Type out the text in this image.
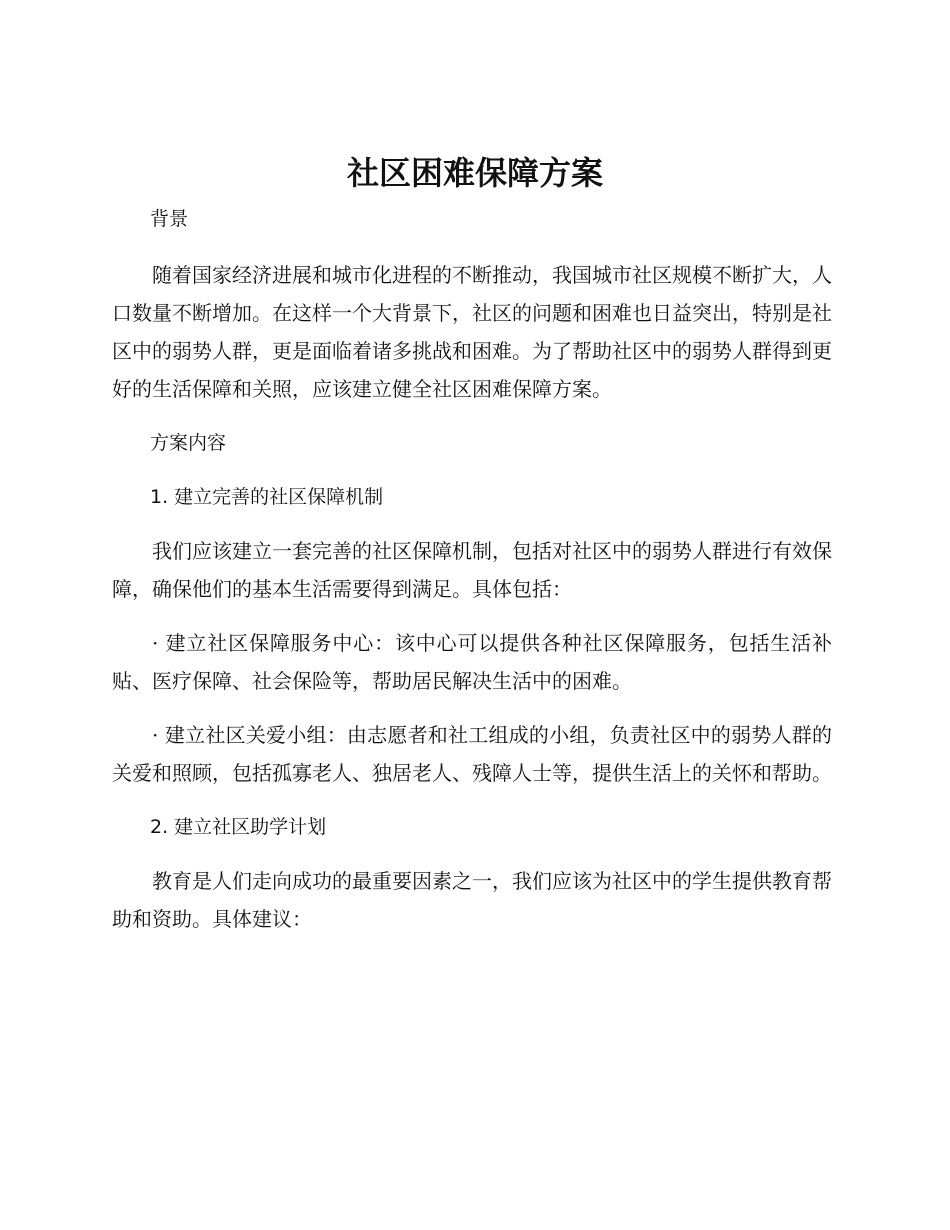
社区困难保障方案

背景

随着国家经济进展和城市化进程的不断推动，我国城市社区规模不断扩大，人口数量不断增加。在这样一个大背景下，社区的问题和困难也日益突出，特别是社区中的弱势人群，更是面临着诸多挑战和困难。为了帮助社区中的弱势人群得到更好的生活保障和关照，应该建立健全社区困难保障方案。

方案内容

1. 建立完善的社区保障机制

我们应该建立一套完善的社区保障机制，包括对社区中的弱势人群进行有效保障，确保他们的基本生活需要得到满足。具体包括：

· 建立社区保障服务中心：该中心可以提供各种社区保障服务，包括生活补贴、医疗保障、社会保险等，帮助居民解决生活中的困难。

· 建立社区关爱小组：由志愿者和社工组成的小组，负责社区中的弱势人群的关爱和照顾，包括孤寡老人、独居老人、残障人士等，提供生活上的关怀和帮助。

2. 建立社区助学计划

教育是人们走向成功的最重要因素之一，我们应该为社区中的学生提供教育帮助和资助。具体建议：
